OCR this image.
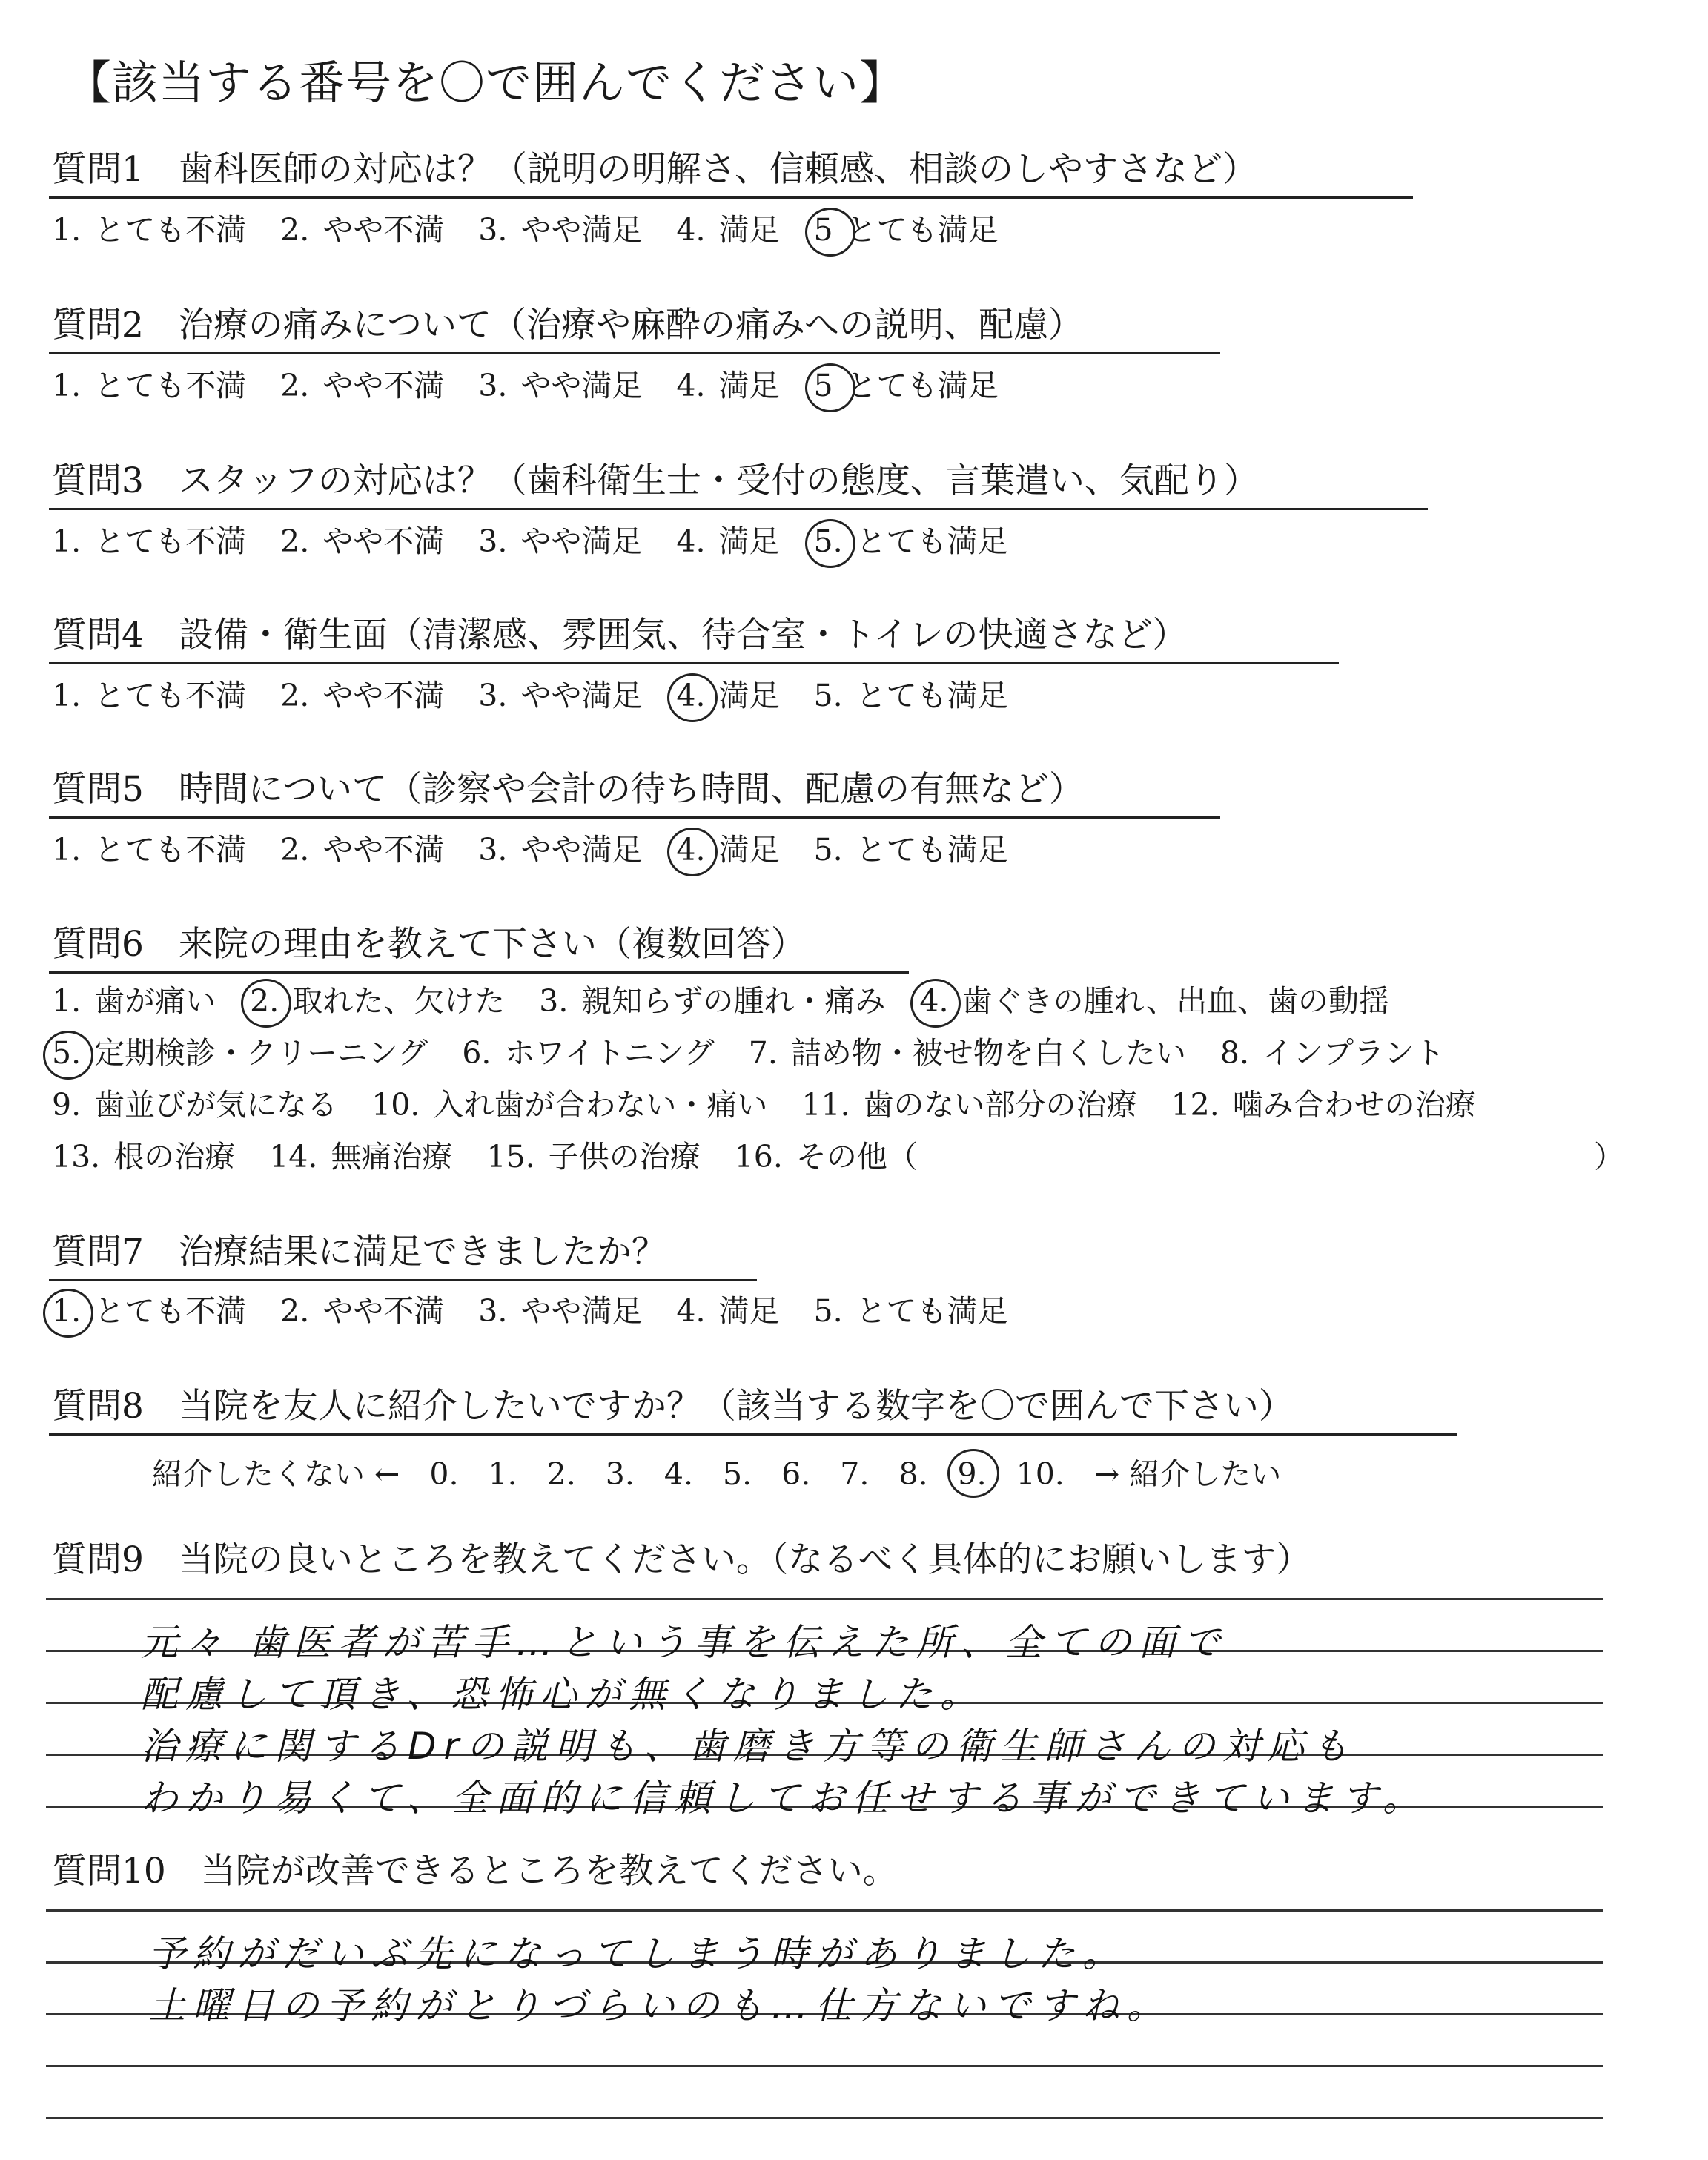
【該当する番号を〇で囲んでください】
質問1　歯科医師の対応は？（説明の明解さ、信頼感、相談のしやすさなど）
1. とても不満 2. やや不満 3. やや満足 4. 満足 5 とても満足
質問2　治療の痛みについて（治療や麻酔の痛みへの説明、配慮）
1. とても不満 2. やや不満 3. やや満足 4. 満足 5 とても満足
質問3　スタッフの対応は？（歯科衛生士・受付の態度、言葉遣い、気配り）
1. とても不満 2. やや不満 3. やや満足 4. 満足 5. とても満足
質問4　設備・衛生面（清潔感、雰囲気、待合室・トイレの快適さなど）
1. とても不満 2. やや不満 3. やや満足 4. 満足 5. とても満足
質問5　時間について（診察や会計の待ち時間、配慮の有無など）
1. とても不満 2. やや不満 3. やや満足 4. 満足 5. とても満足
質問6　来院の理由を教えて下さい（複数回答）
1. 歯が痛い 2. 取れた、欠けた 3. 親知らずの腫れ・痛み 4. 歯ぐきの腫れ、出血、歯の動揺
5. 定期検診・クリーニング 6. ホワイトニング 7. 詰め物・被せ物を白くしたい 8. インプラント
9. 歯並びが気になる 10. 入れ歯が合わない・痛い 11. 歯のない部分の治療 12. 噛み合わせの治療
13. 根の治療 14. 無痛治療 15. 子供の治療 16. その他（	）
質問7　治療結果に満足できましたか？
1. とても不満 2. やや不満 3. やや満足 4. 満足 5. とても満足
質問8　当院を友人に紹介したいですか？（該当する数字を〇で囲んで下さい）
紹介したくない ← 0. 1. 2. 3. 4. 5. 6. 7. 8. 9. 10. → 紹介したい
質問9　当院の良いところを教えてください。（なるべく具体的にお願いします）
元々 歯医者が苦手…という事を伝えた所、全ての面で
配慮して頂き、恐怖心が無くなりました。
治療に関するDrの説明も、歯磨き方等の衛生師さんの対応も
わかり易くて、全面的に信頼してお任せする事ができています。
質問10　当院が改善できるところを教えてください。
予約がだいぶ先になってしまう時がありました。
土曜日の予約がとりづらいのも…仕方ないですね。
